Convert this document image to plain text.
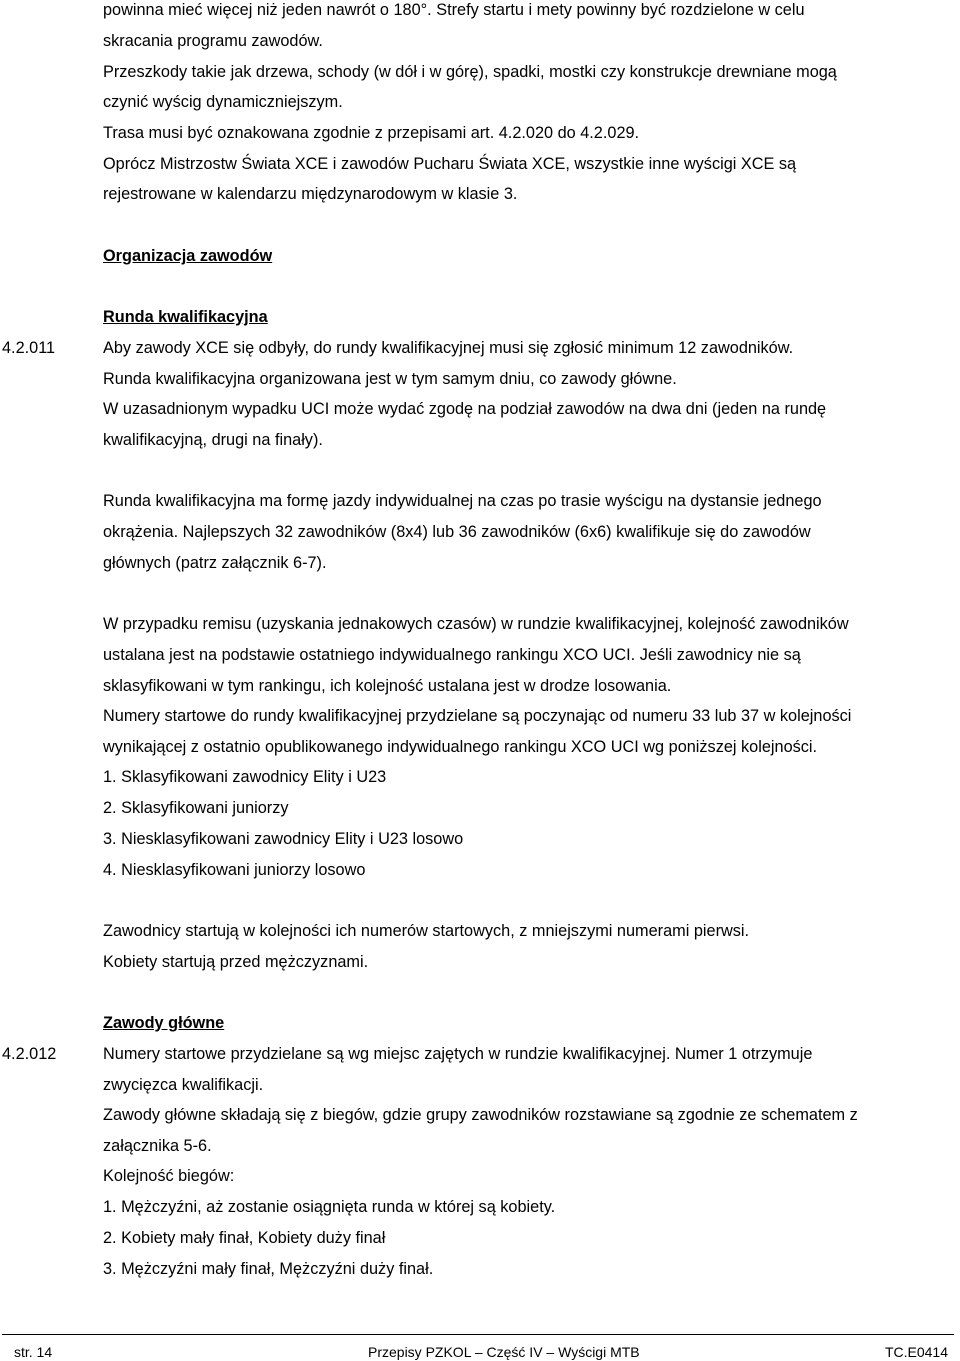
powinna mieć więcej niż jeden nawrót o 180°. Strefy startu i mety powinny być rozdzielone w celu

skracania programu zawodów.

Przeszkody takie jak drzewa, schody (w dół i w górę), spadki, mostki czy konstrukcje drewniane mogą

czynić wyścig dynamiczniejszym.

Trasa musi być oznakowana zgodnie z przepisami art. 4.2.020 do 4.2.029.

Oprócz Mistrzostw Świata XCE i zawodów Pucharu Świata XCE, wszystkie inne wyścigi XCE są

rejestrowane w kalendarzu międzynarodowym w klasie 3.

Organizacja zawodów

Runda kwalifikacyjna

4.2.011	Aby zawody XCE się odbyły, do rundy kwalifikacyjnej musi się zgłosić minimum 12 zawodników.

Runda kwalifikacyjna organizowana jest w tym samym dniu, co zawody główne.

W uzasadnionym wypadku UCI może wydać zgodę na podział zawodów na dwa dni (jeden na rundę

kwalifikacyjną, drugi na finały).

Runda kwalifikacyjna ma formę jazdy indywidualnej na czas po trasie wyścigu na dystansie jednego

okrążenia. Najlepszych 32 zawodników (8x4) lub 36 zawodników (6x6) kwalifikuje się do zawodów

głównych (patrz załącznik 6-7).

W przypadku remisu (uzyskania jednakowych czasów) w rundzie kwalifikacyjnej, kolejność zawodników

ustalana jest na podstawie ostatniego indywidualnego rankingu XCO UCI. Jeśli zawodnicy nie są

sklasyfikowani w tym rankingu, ich kolejność ustalana jest w drodze losowania.

Numery startowe do rundy kwalifikacyjnej przydzielane są poczynając od numeru 33 lub 37 w kolejności

wynikającej z ostatnio opublikowanego indywidualnego rankingu XCO UCI wg poniższej kolejności.

1. Sklasyfikowani zawodnicy Elity i U23

2. Sklasyfikowani juniorzy

3. Niesklasyfikowani zawodnicy Elity i U23 losowo

4. Niesklasyfikowani juniorzy losowo

Zawodnicy startują w kolejności ich numerów startowych, z mniejszymi numerami pierwsi.

Kobiety startują przed mężczyznami.

Zawody główne

4.2.012	Numery startowe przydzielane są wg miejsc zajętych w rundzie kwalifikacyjnej. Numer 1 otrzymuje

zwycięzca kwalifikacji.

Zawody główne składają się z biegów, gdzie grupy zawodników rozstawiane są zgodnie ze schematem z

załącznika 5-6.

Kolejność biegów:

1. Mężczyźni, aż zostanie osiągnięta runda w której są kobiety.

2. Kobiety mały finał, Kobiety duży finał

3. Mężczyźni mały finał, Mężczyźni duży finał.

str. 14	Przepisy PZKOL – Część IV – Wyścigi MTB	TC.E0414
